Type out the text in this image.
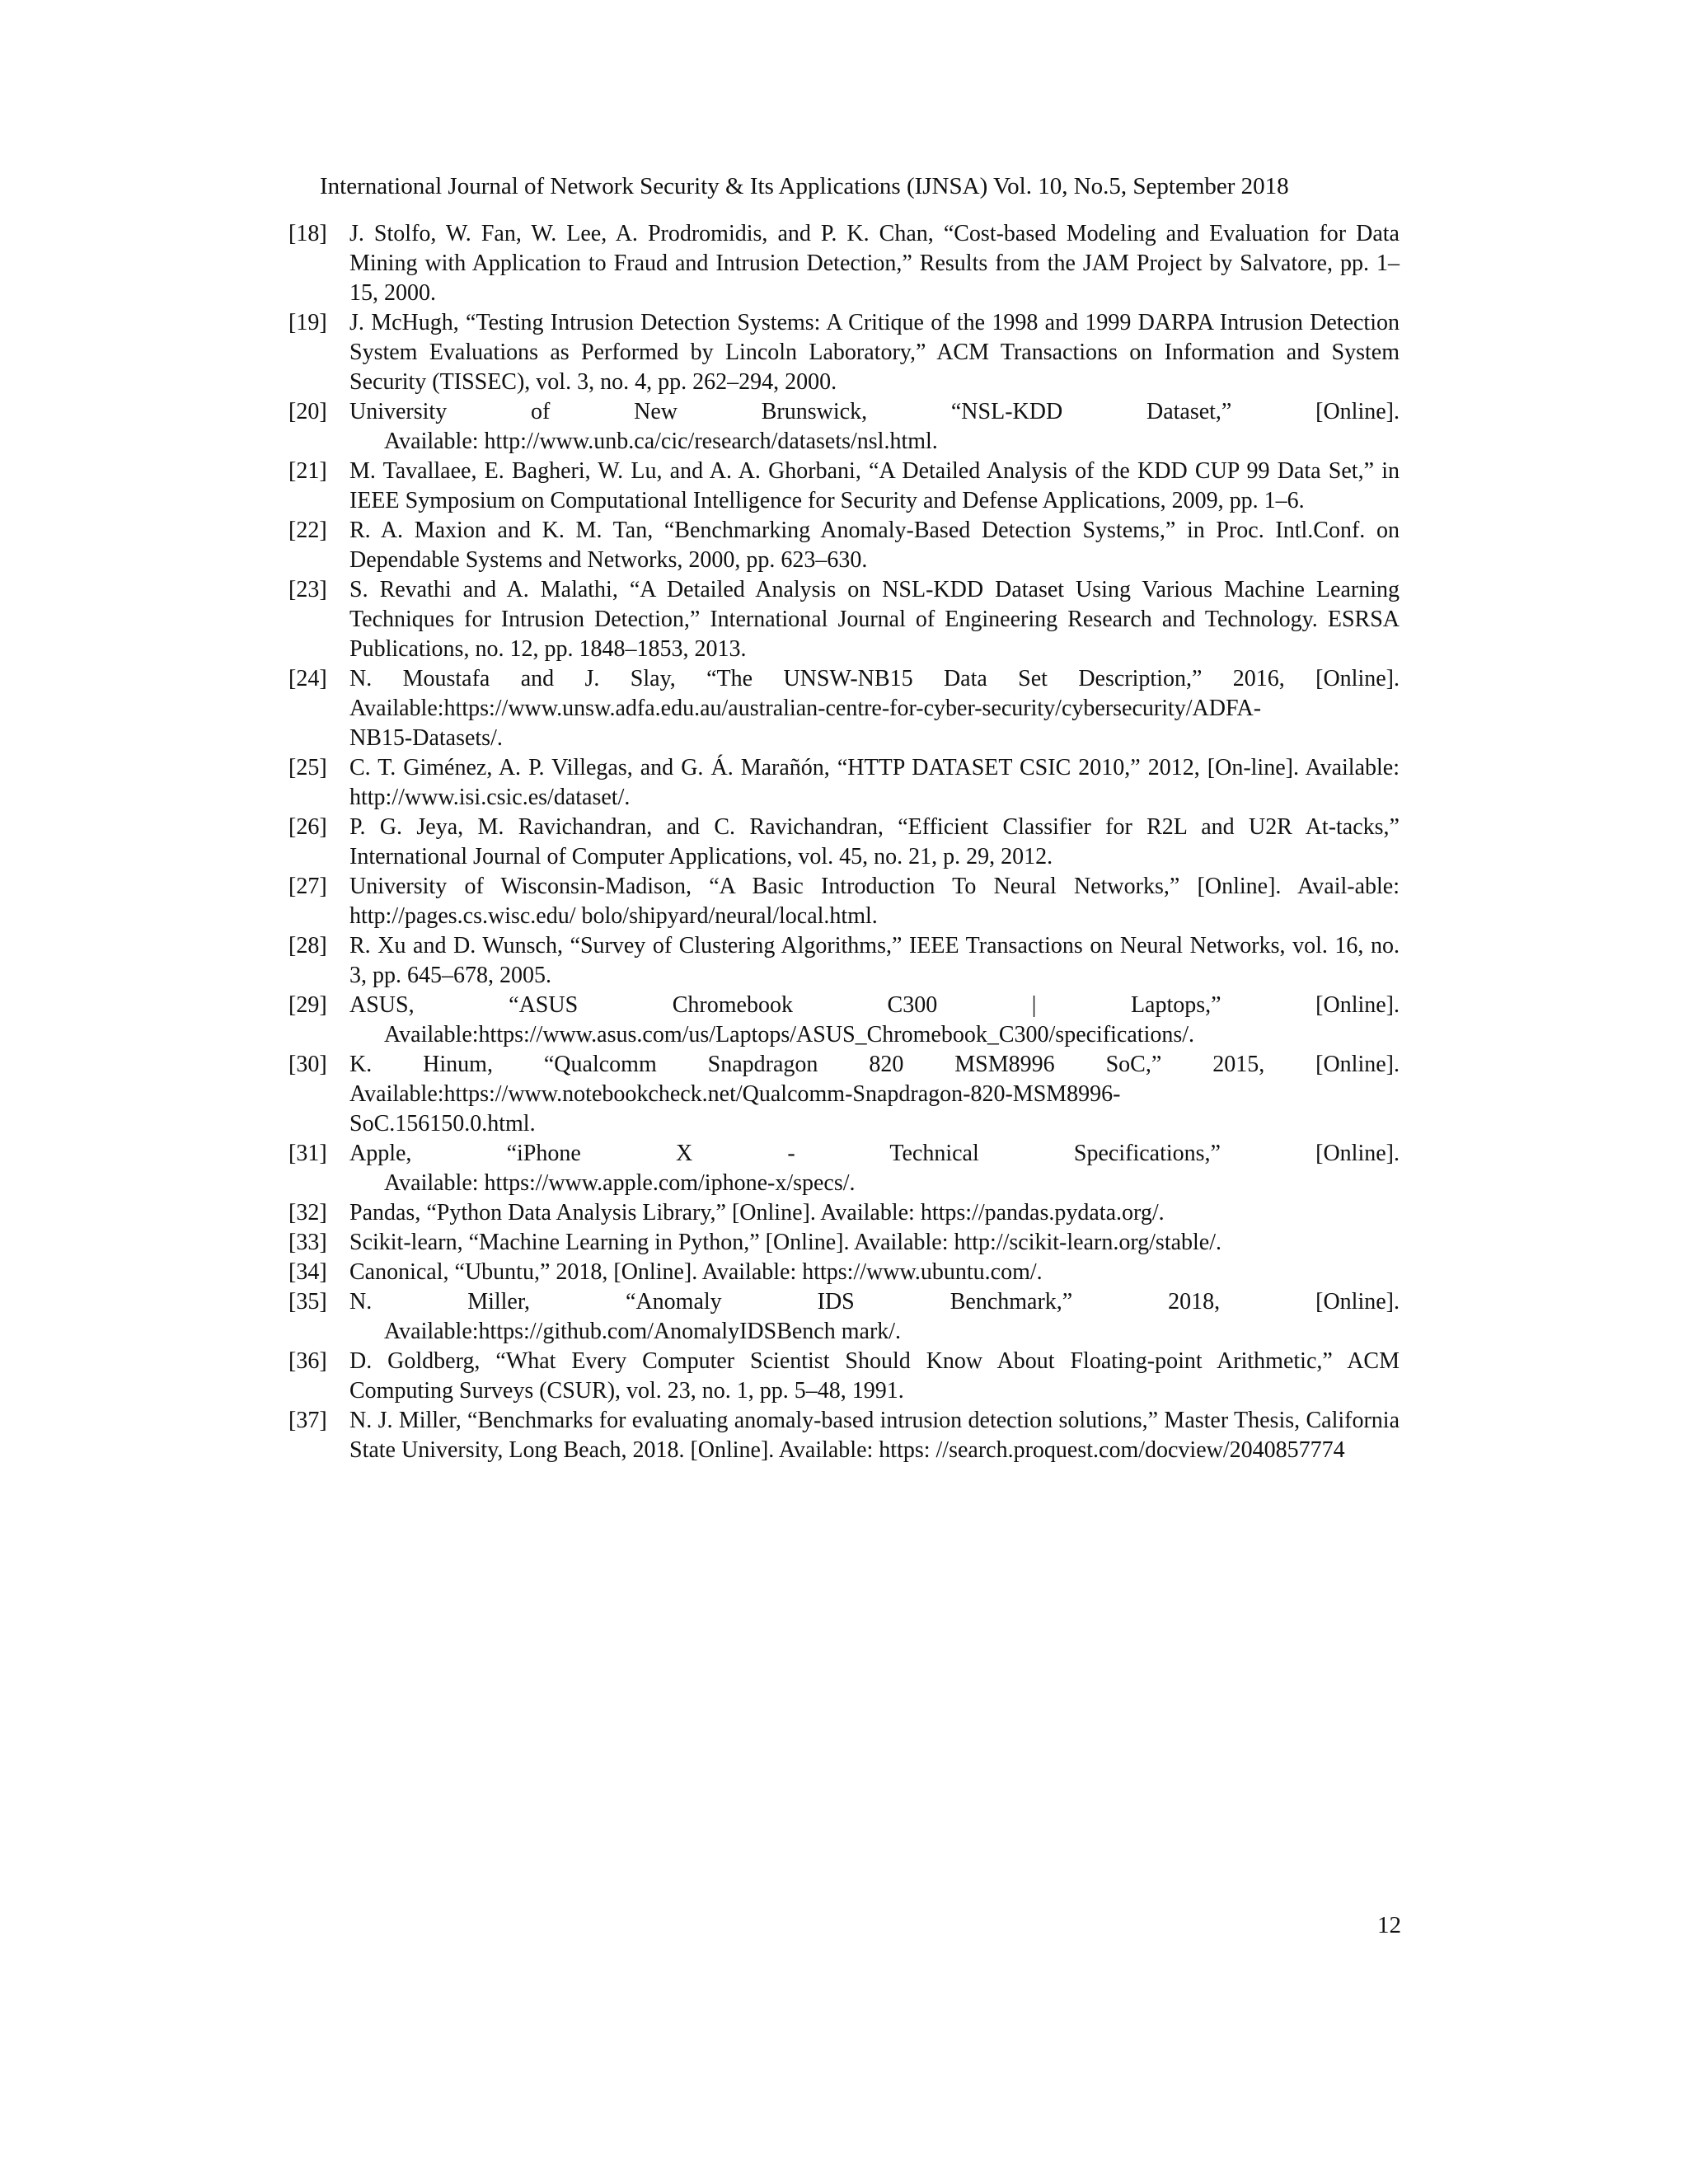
International Journal of Network Security & Its Applications (IJNSA) Vol. 10, No.5, September 2018
[18] J. Stolfo, W. Fan, W. Lee, A. Prodromidis, and P. K. Chan, “Cost-based Modeling and Evaluation for Data Mining with Application to Fraud and Intrusion Detection,” Results from the JAM Project by Salvatore, pp. 1–15, 2000.
[19] J. McHugh, “Testing Intrusion Detection Systems: A Critique of the 1998 and 1999 DARPA Intrusion Detection System Evaluations as Performed by Lincoln Laboratory,” ACM Transactions on Information and System Security (TISSEC), vol. 3, no. 4, pp. 262–294, 2000.
[20] University of New Brunswick, “NSL-KDD Dataset,” [Online].
Available: http://www.unb.ca/cic/research/datasets/nsl.html.
[21] M. Tavallaee, E. Bagheri, W. Lu, and A. A. Ghorbani, “A Detailed Analysis of the KDD CUP 99 Data Set,” in IEEE Symposium on Computational Intelligence for Security and Defense Applications, 2009, pp. 1–6.
[22] R. A. Maxion and K. M. Tan, “Benchmarking Anomaly-Based Detection Systems,” in Proc. Intl.Conf. on Dependable Systems and Networks, 2000, pp. 623–630.
[23] S. Revathi and A. Malathi, “A Detailed Analysis on NSL-KDD Dataset Using Various Machine Learning Techniques for Intrusion Detection,” International Journal of Engineering Research and Technology. ESRSA Publications, no. 12, pp. 1848–1853, 2013.
[24] N. Moustafa and J. Slay, “The UNSW-NB15 Data Set Description,” 2016, [Online].
Available:https://www.unsw.adfa.edu.au/australian-centre-for-cyber-security/cybersecurity/ADFA-
NB15-Datasets/.
[25] C. T. Giménez, A. P. Villegas, and G. Á. Marañón, “HTTP DATASET CSIC 2010,” 2012, [On-line]. Available: http://www.isi.csic.es/dataset/.
[26] P. G. Jeya, M. Ravichandran, and C. Ravichandran, “Efficient Classifier for R2L and U2R At-tacks,” International Journal of Computer Applications, vol. 45, no. 21, p. 29, 2012.
[27] University of Wisconsin-Madison, “A Basic Introduction To Neural Networks,” [Online]. Avail-able: http://pages.cs.wisc.edu/ bolo/shipyard/neural/local.html.
[28] R. Xu and D. Wunsch, “Survey of Clustering Algorithms,” IEEE Transactions on Neural Networks, vol. 16, no. 3, pp. 645–678, 2005.
[29] ASUS, “ASUS Chromebook C300 | Laptops,” [Online].
Available:https://www.asus.com/us/Laptops/ASUS_Chromebook_C300/specifications/.
[30] K. Hinum, “Qualcomm Snapdragon 820 MSM8996 SoC,” 2015, [Online].
Available:https://www.notebookcheck.net/Qualcomm-Snapdragon-820-MSM8996-
SoC.156150.0.html.
[31] Apple, “iPhone X - Technical Specifications,” [Online].
Available: https://www.apple.com/iphone-x/specs/.
[32] Pandas, “Python Data Analysis Library,” [Online]. Available: https://pandas.pydata.org/.
[33] Scikit-learn, “Machine Learning in Python,” [Online]. Available: http://scikit-learn.org/stable/.
[34] Canonical, “Ubuntu,” 2018, [Online]. Available: https://www.ubuntu.com/.
[35] N. Miller, “Anomaly IDS Benchmark,” 2018, [Online].
Available:https://github.com/AnomalyIDSBench mark/.
[36] D. Goldberg, “What Every Computer Scientist Should Know About Floating-point Arithmetic,” ACM Computing Surveys (CSUR), vol. 23, no. 1, pp. 5–48, 1991.
[37] N. J. Miller, “Benchmarks for evaluating anomaly-based intrusion detection solutions,” Master Thesis, California State University, Long Beach, 2018. [Online]. Available: https: //search.proquest.com/docview/2040857774
12
